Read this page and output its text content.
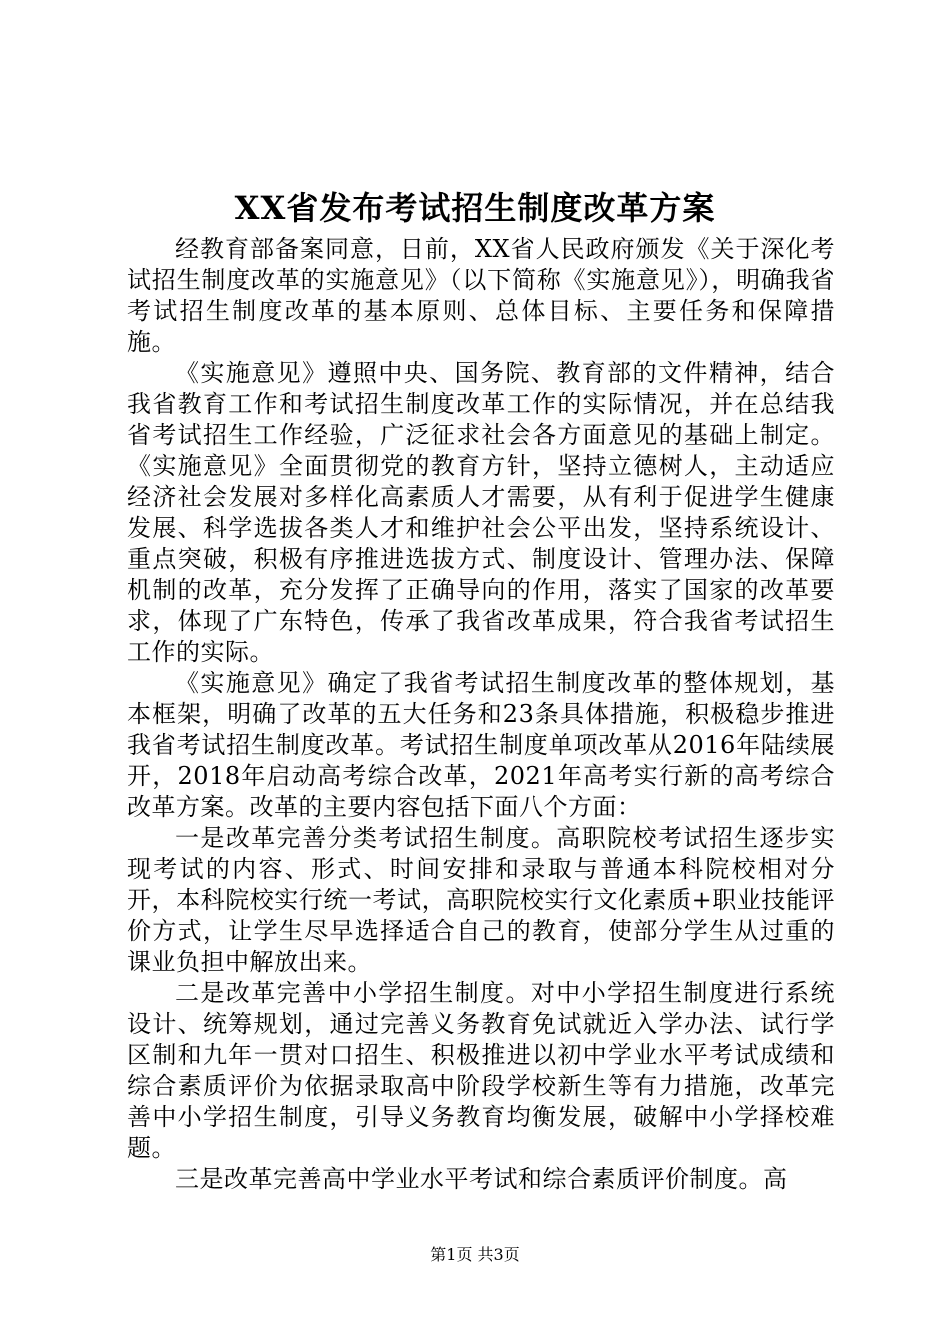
XX省发布考试招生制度改革方案

经教育部备案同意，日前，XX省人民政府颁发《关于深化考试招生制度改革的实施意见》（以下简称《实施意见》），明确我省考试招生制度改革的基本原则、总体目标、主要任务和保障措施。

《实施意见》遵照中央、国务院、教育部的文件精神，结合我省教育工作和考试招生制度改革工作的实际情况，并在总结我省考试招生工作经验，广泛征求社会各方面意见的基础上制定。《实施意见》全面贯彻党的教育方针，坚持立德树人，主动适应经济社会发展对多样化高素质人才需要，从有利于促进学生健康发展、科学选拔各类人才和维护社会公平出发，坚持系统设计、重点突破，积极有序推进选拔方式、制度设计、管理办法、保障机制的改革，充分发挥了正确导向的作用，落实了国家的改革要求，体现了广东特色，传承了我省改革成果，符合我省考试招生工作的实际。

《实施意见》确定了我省考试招生制度改革的整体规划，基本框架，明确了改革的五大任务和23条具体措施，积极稳步推进我省考试招生制度改革。考试招生制度单项改革从2016年陆续展开，2018年启动高考综合改革，2021年高考实行新的高考综合改革方案。改革的主要内容包括下面八个方面：

一是改革完善分类考试招生制度。高职院校考试招生逐步实现考试的内容、形式、时间安排和录取与普通本科院校相对分开，本科院校实行统一考试，高职院校实行文化素质+职业技能评价方式，让学生尽早选择适合自己的教育，使部分学生从过重的课业负担中解放出来。

二是改革完善中小学招生制度。对中小学招生制度进行系统设计、统筹规划，通过完善义务教育免试就近入学办法、试行学区制和九年一贯对口招生、积极推进以初中学业水平考试成绩和综合素质评价为依据录取高中阶段学校新生等有力措施，改革完善中小学招生制度，引导义务教育均衡发展，破解中小学择校难题。

三是改革完善高中学业水平考试和综合素质评价制度。高

第1页 共3页
